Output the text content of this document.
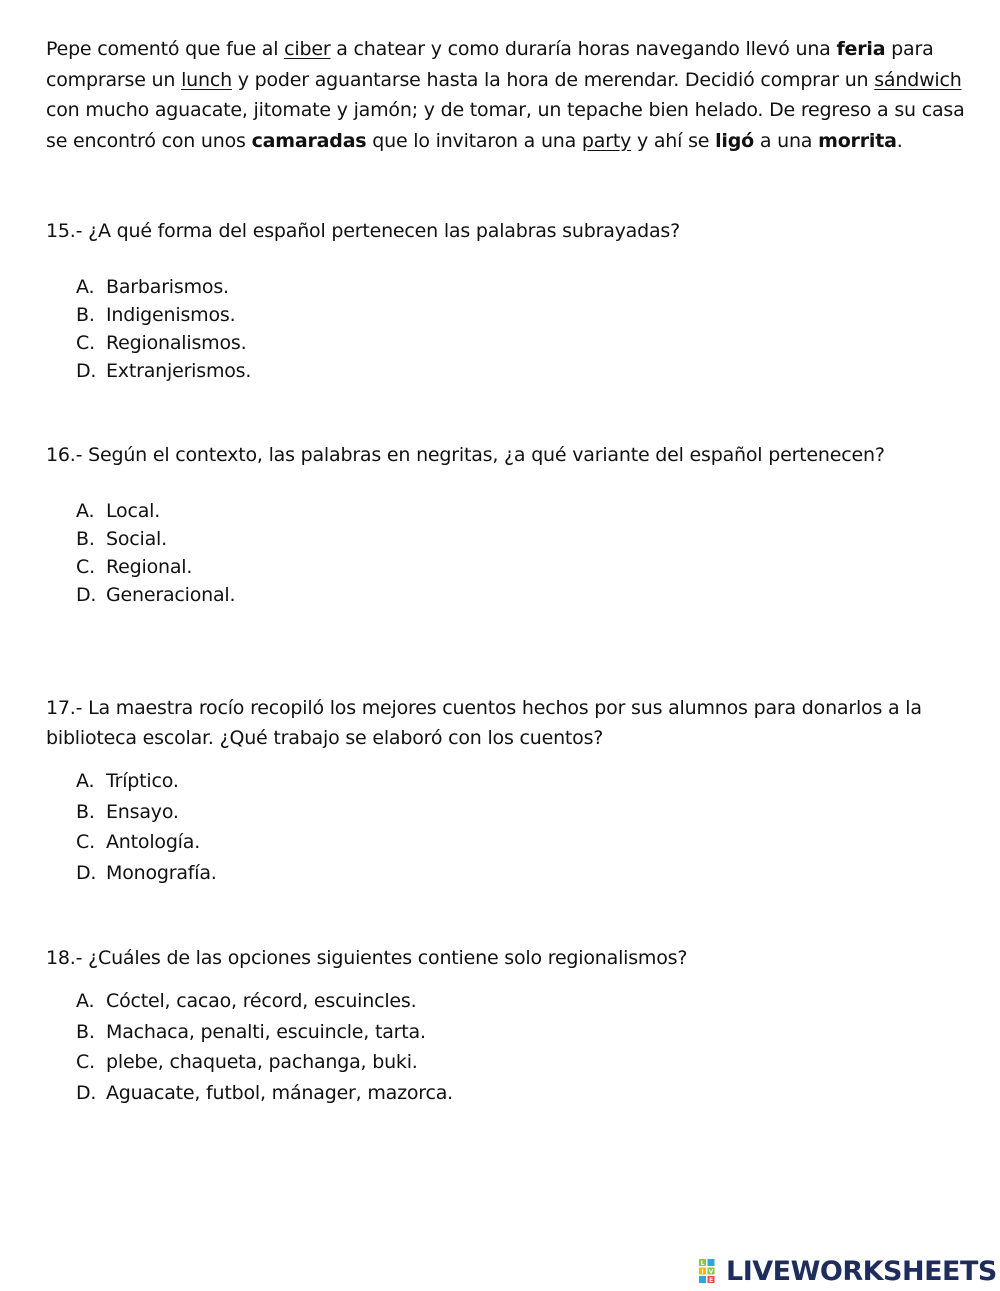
Pepe comentó que fue al ciber a chatear y como duraría horas navegando llevó una feria para comprarse un lunch y poder aguantarse hasta la hora de merendar. Decidió comprar un sándwich con mucho aguacate, jitomate y jamón; y de tomar, un tepache bien helado. De regreso a su casa se encontró con unos camaradas que lo invitaron a una party y ahí se ligó a una morrita.

15.- ¿A qué forma del español pertenecen las palabras subrayadas?

A. Barbarismos.
B. Indigenismos.
C. Regionalismos.
D. Extranjerismos.

16.- Según el contexto, las palabras en negritas, ¿a qué variante del español pertenecen?

A. Local.
B. Social.
C. Regional.
D. Generacional.

17.- La maestra rocío recopiló los mejores cuentos hechos por sus alumnos para donarlos a la biblioteca escolar. ¿Qué trabajo se elaboró con los cuentos?

A. Tríptico.
B. Ensayo.
C. Antología.
D. Monografía.

18.- ¿Cuáles de las opciones siguientes contiene solo regionalismos?

A. Cóctel, cacao, récord, escuincles.
B. Machaca, penalti, escuincle, tarta.
C. plebe, chaqueta, pachanga, buki.
D. Aguacate, futbol, mánager, mazorca.
L
I
E
V LIVEWORKSHEETS
